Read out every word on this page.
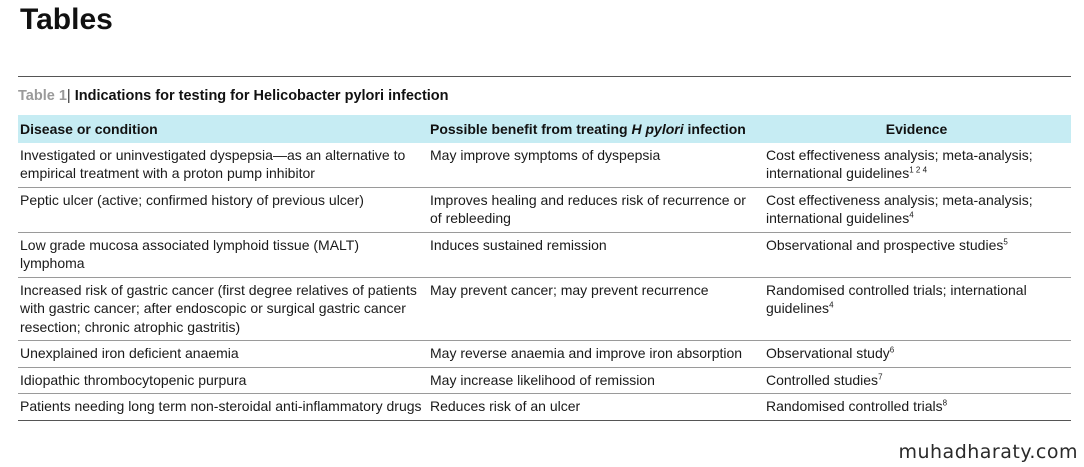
Tables
Table 1| Indications for testing for Helicobacter pylori infection
Disease or condition	Possible benefit from treating H pylori infection	Evidence
Investigated or uninvestigated dyspepsia—as an alternative to empirical treatment with a proton pump inhibitor	May improve symptoms of dyspepsia	Cost effectiveness analysis; meta-analysis; international guidelines$^{1 2 4}$
Peptic ulcer (active; confirmed history of previous ulcer)	Improves healing and reduces risk of recurrence or of rebleeding	Cost effectiveness analysis; meta-analysis; international guidelines$^4$
Low grade mucosa associated lymphoid tissue (MALT) lymphoma	Induces sustained remission	Observational and prospective studies$^5$
Increased risk of gastric cancer (first degree relatives of patients with gastric cancer; after endoscopic or surgical gastric cancer resection; chronic atrophic gastritis)	May prevent cancer; may prevent recurrence	Randomised controlled trials; international guidelines$^4$
Unexplained iron deficient anaemia	May reverse anaemia and improve iron absorption	Observational study$^6$
Idiopathic thrombocytopenic purpura	May increase likelihood of remission	Controlled studies$^7$
Patients needing long term non-steroidal anti-inflammatory drugs	Reduces risk of an ulcer	Randomised controlled trials$^8$
muhadharaty.com
